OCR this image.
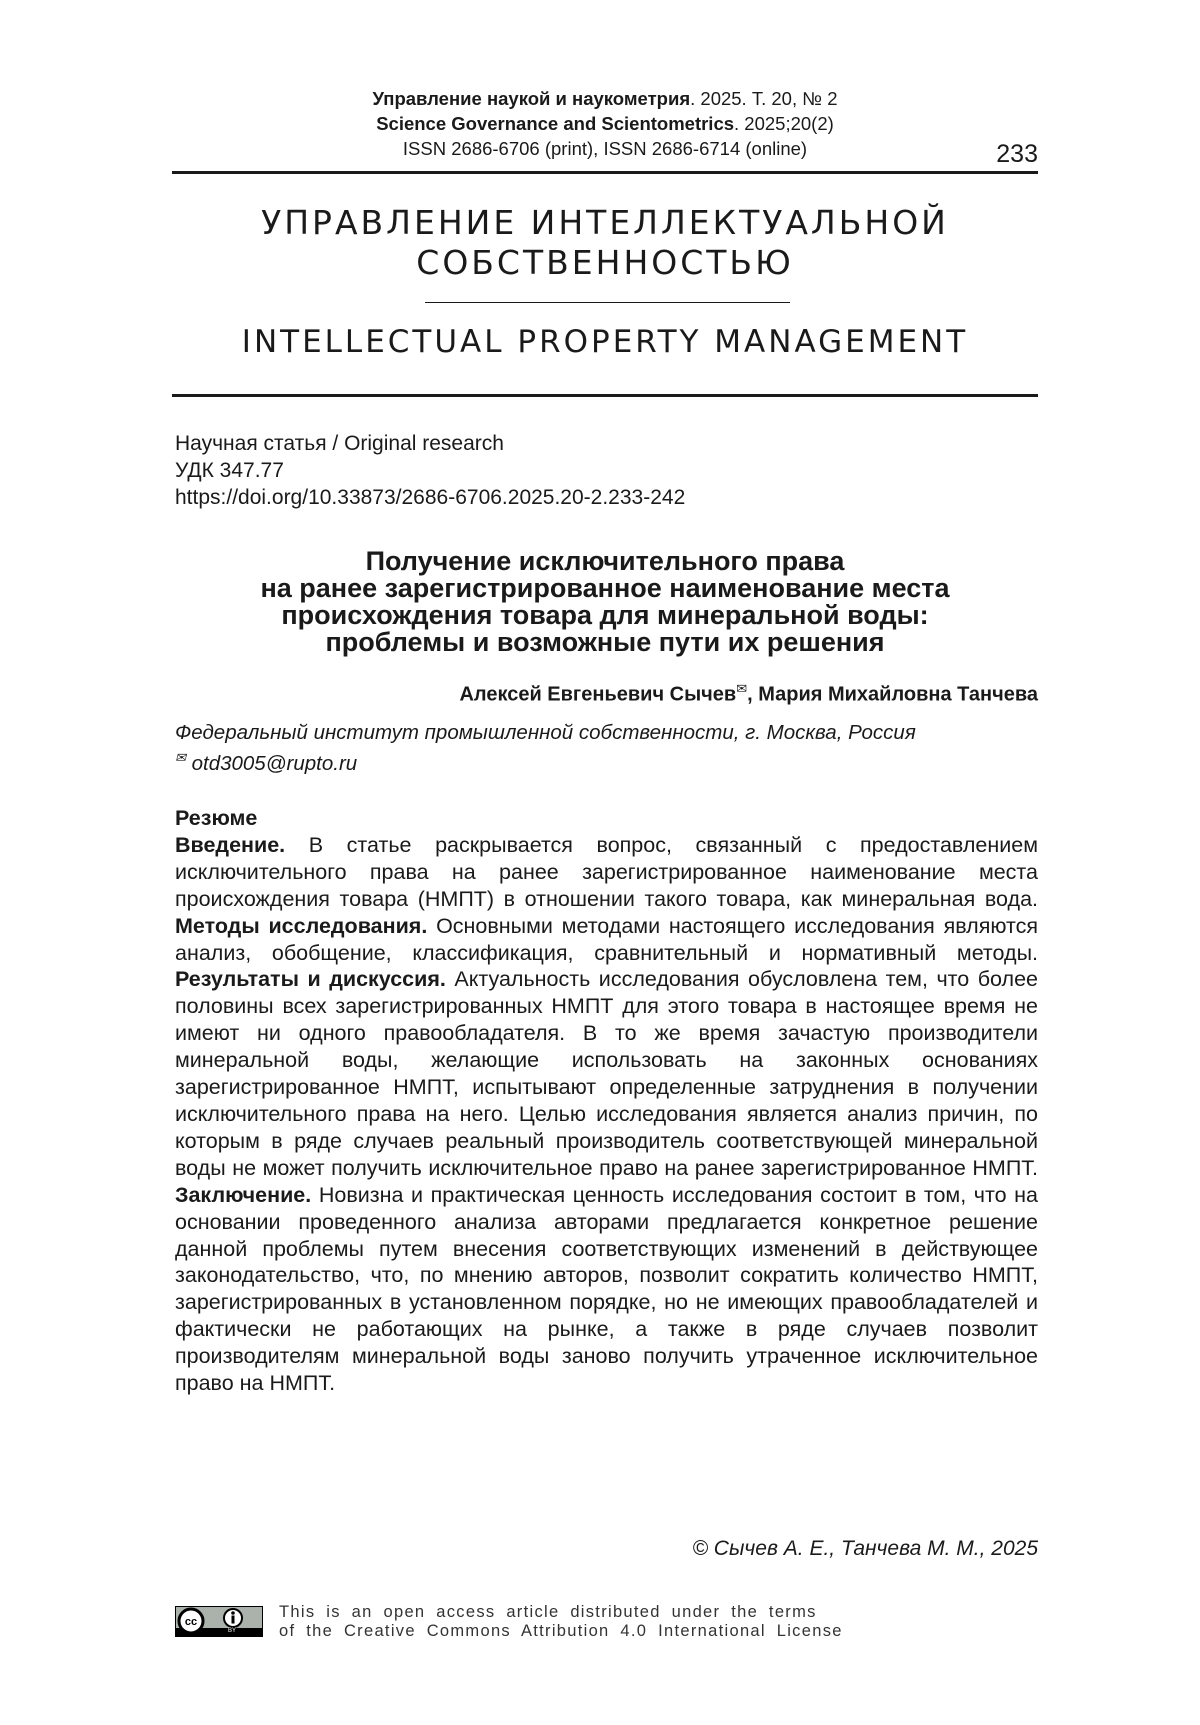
Управление наукой и наукометрия. 2025. Т. 20, № 2
Science Governance and Scientometrics. 2025;20(2)
ISSN 2686-6706 (print), ISSN 2686-6714 (online)	233
УПРАВЛЕНИЕ ИНТЕЛЛЕКТУАЛЬНОЙ
СОБСТВЕННОСТЬЮ
INTELLECTUAL PROPERTY MANAGEMENT
Научная статья / Original research
УДК 347.77
https://doi.org/10.33873/2686-6706.2025.20-2.233-242
Получение исключительного права
на ранее зарегистрированное наименование места
происхождения товара для минеральной воды:
проблемы и возможные пути их решения
Алексей Евгеньевич Сычев✉, Мария Михайловна Танчева
Федеральный институт промышленной собственности, г. Москва, Россия
✉ otd3005@rupto.ru
Резюме
Введение. В статье раскрывается вопрос, связанный с предоставлением исключительного права на ранее зарегистрированное наименование места происхождения товара (НМПТ) в отношении такого товара, как минеральная вода. Методы исследования. Основными методами настоящего исследования являются анализ, обобщение, классификация, сравнительный и нормативный методы. Результаты и дискуссия. Актуальность исследования обусловлена тем, что более половины всех зарегистрированных НМПТ для этого товара в настоящее время не имеют ни одного правообладателя. В то же время зачастую производители минеральной воды, желающие использовать на законных основаниях зарегистрированное НМПТ, испытывают определенные затруднения в получении исключительного права на него. Целью исследования является анализ причин, по которым в ряде случаев реальный производитель соответствующей минеральной воды не может получить исключительное право на ранее зарегистрированное НМПТ. Заключение. Новизна и практическая ценность исследования состоит в том, что на основании проведенного анализа авторами предлагается конкретное решение данной проблемы путем внесения соответствующих изменений в действующее законодательство, что, по мнению авторов, позволит сократить количество НМПТ, зарегистрированных в установленном порядке, но не имеющих правообладателей и фактически не работающих на рынке, а также в ряде случаев позволит производителям минеральной воды заново получить утраченное исключительное право на НМПТ.
© Сычев А. Е., Танчева М. М., 2025
cc
BY
This is an open access article distributed under the terms
of the Creative Commons Attribution 4.0 International License
